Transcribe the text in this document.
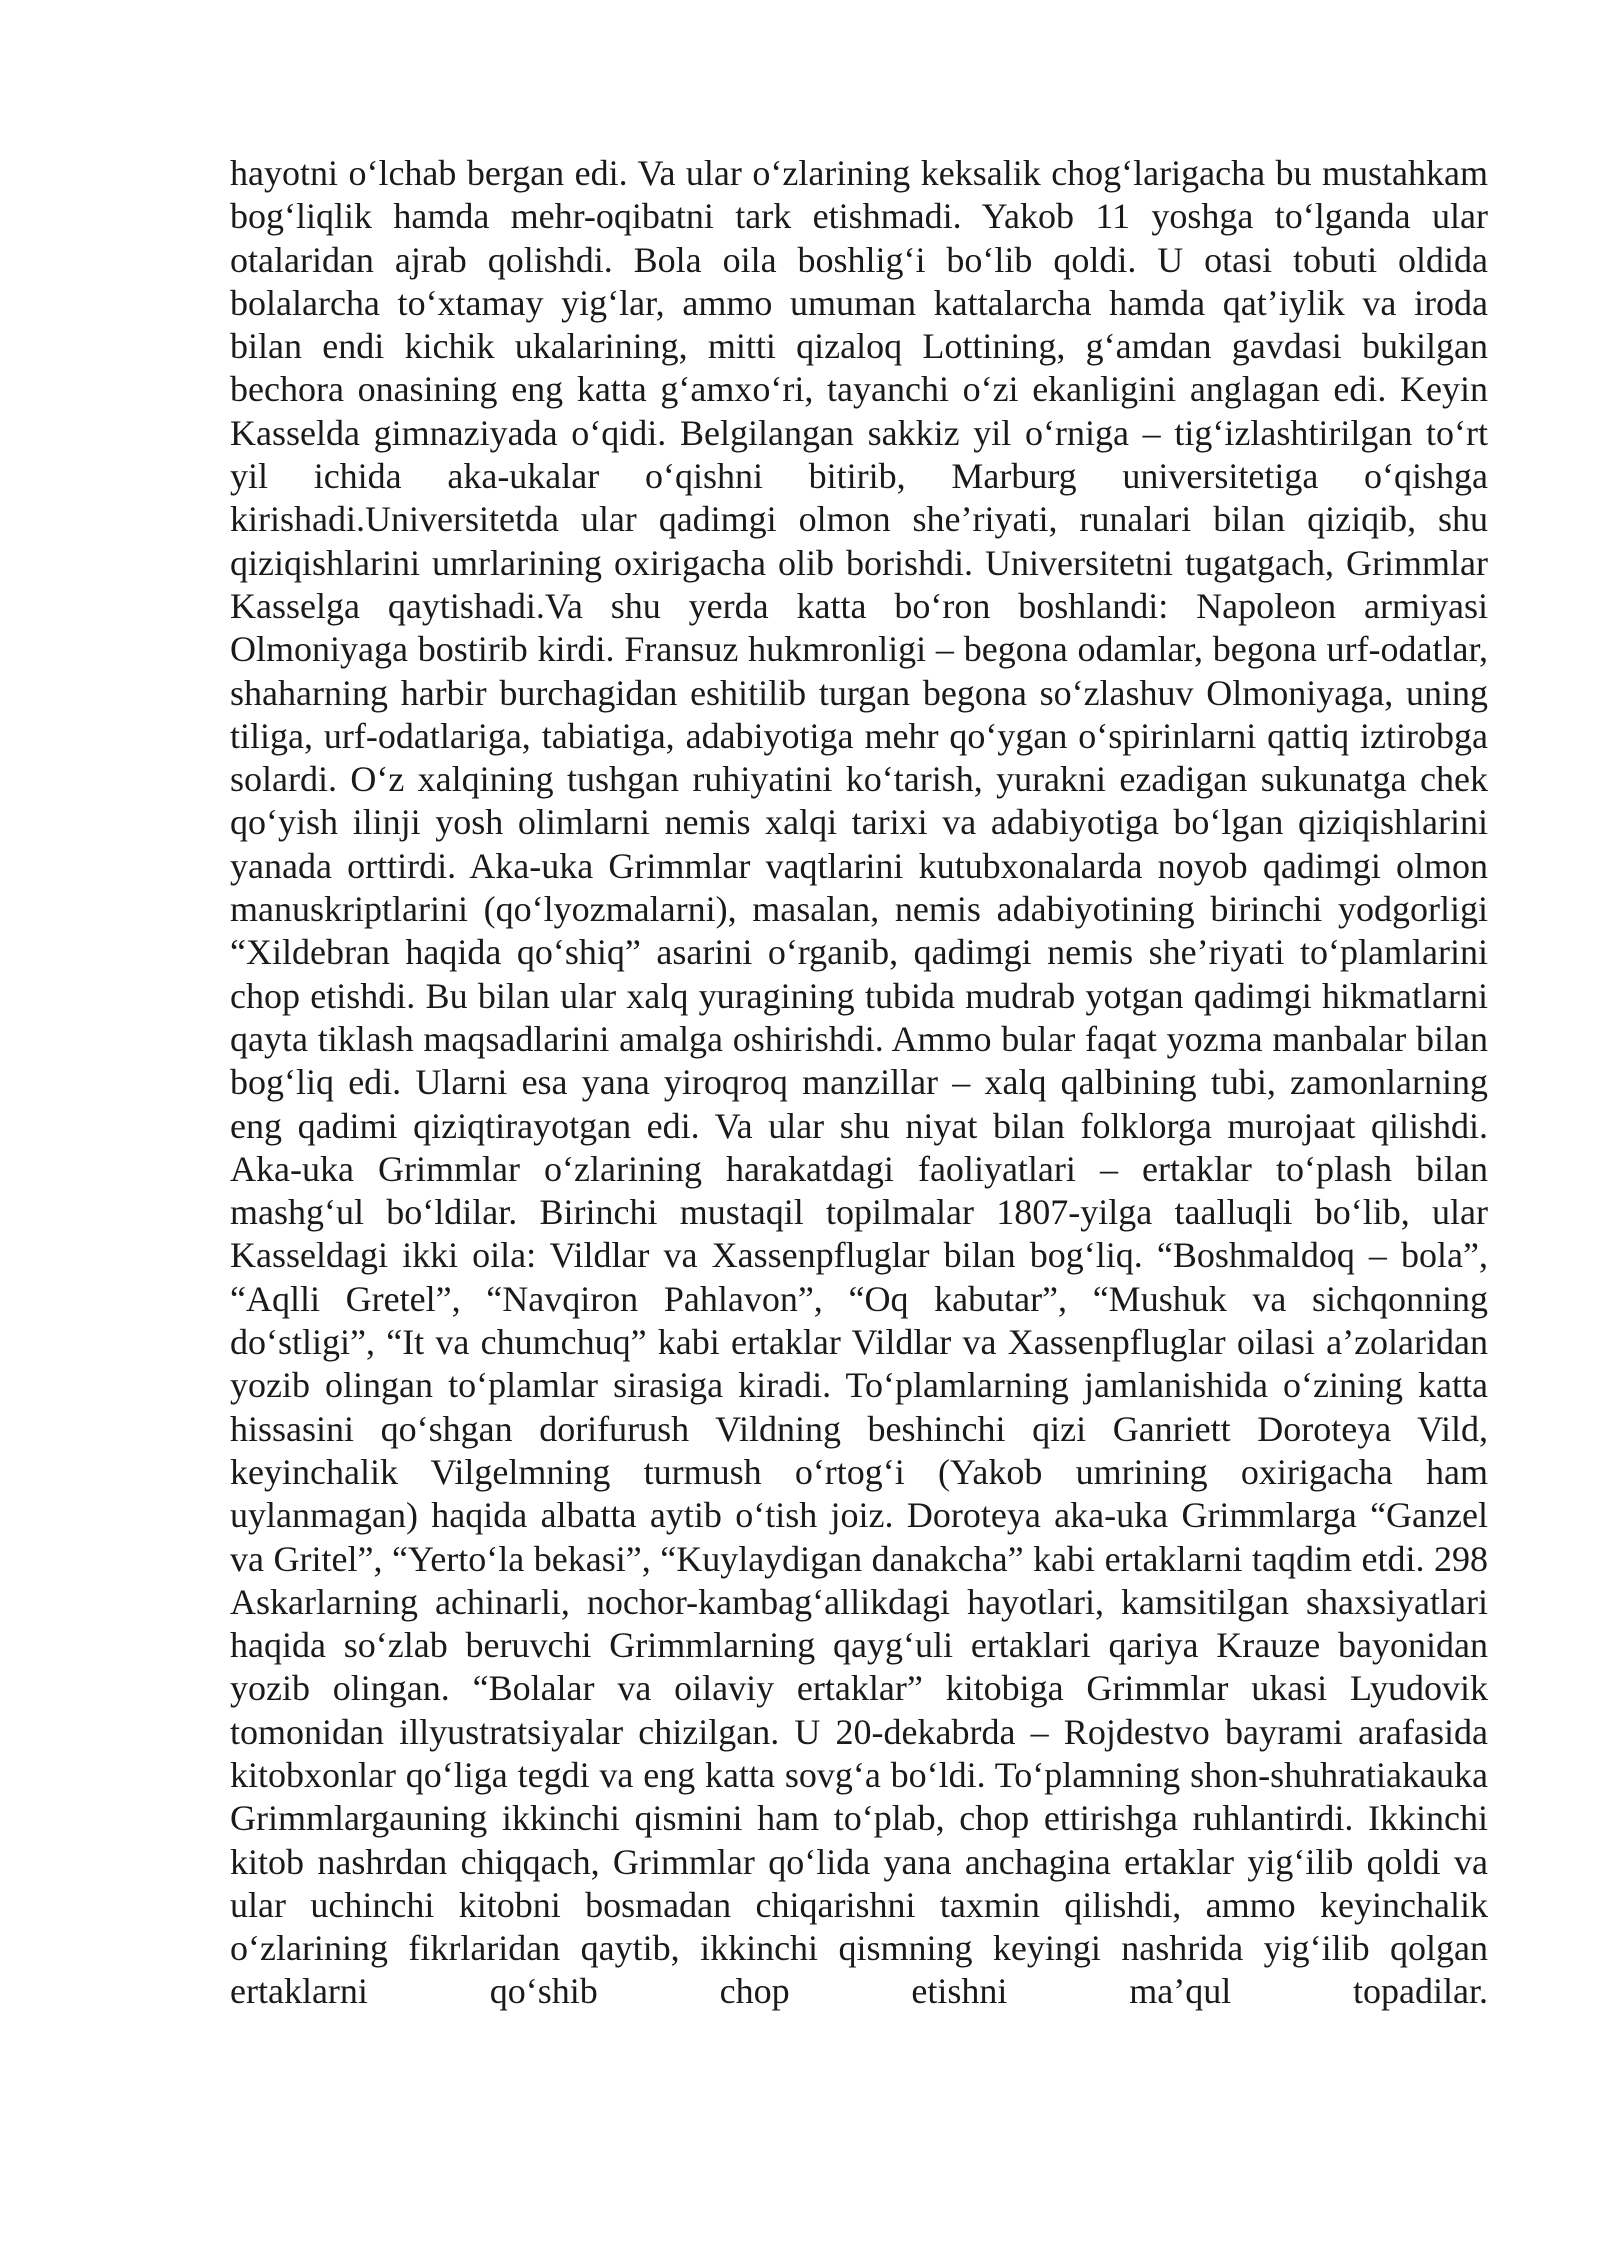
hayotni o‘lchab bergan edi. Va ular o‘zlarining keksalik chog‘larigacha bu mustahkam bog‘liqlik hamda mehr-oqibatni tark etishmadi. Yakob 11 yoshga to‘lganda ular otalaridan ajrab qolishdi. Bola oila boshlig‘i bo‘lib qoldi. U otasi tobuti oldida bolalarcha to‘xtamay yig‘lar, ammo umuman kattalarcha hamda qat’iylik va iroda bilan endi kichik ukalarining, mitti qizaloq Lottining, g‘amdan gavdasi bukilgan bechora onasining eng katta g‘amxo‘ri, tayanchi o‘zi ekanligini anglagan edi. Keyin Kasselda gimnaziyada o‘qidi. Belgilangan sakkiz yil o‘rniga – tig‘izlashtirilgan to‘rt yil ichida aka-ukalar o‘qishni bitirib, Marburg universitetiga o‘qishga kirishadi.Universitetda ular qadimgi olmon she’riyati, runalari bilan qiziqib, shu qiziqishlarini umrlarining oxirigacha olib borishdi. Universitetni tugatgach, Grimmlar Kasselga qaytishadi.Va shu yerda katta bo‘ron boshlandi: Napoleon armiyasi Olmoniyaga bostirib kirdi. Fransuz hukmronligi – begona odamlar, begona urf-odatlar, shaharning harbir burchagidan eshitilib turgan begona so‘zlashuv Olmoniyaga, uning tiliga, urf-odatlariga, tabiatiga, adabiyotiga mehr qo‘ygan o‘spirinlarni qattiq iztirobga solardi. O‘z xalqining tushgan ruhiyatini ko‘tarish, yurakni ezadigan sukunatga chek qo‘yish ilinji yosh olimlarni nemis xalqi tarixi va adabiyotiga bo‘lgan qiziqishlarini yanada orttirdi. Aka-uka Grimmlar vaqtlarini kutubxonalarda noyob qadimgi olmon manuskriptlarini (qo‘lyozmalarni), masalan, nemis adabiyotining birinchi yodgorligi “Xildebran haqida qo‘shiq” asarini o‘rganib, qadimgi nemis she’riyati to‘plamlarini chop etishdi. Bu bilan ular xalq yuragining tubida mudrab yotgan qadimgi hikmatlarni qayta tiklash maqsadlarini amalga oshirishdi. Ammo bular faqat yozma manbalar bilan bog‘liq edi. Ularni esa yana yiroqroq manzillar – xalq qalbining tubi, zamonlarning eng qadimi qiziqtirayotgan edi. Va ular shu niyat bilan folklorga murojaat qilishdi. Aka-uka Grimmlar o‘zlarining harakatdagi faoliyatlari – ertaklar to‘plash bilan mashg‘ul bo‘ldilar. Birinchi mustaqil topilmalar 1807-yilga taalluqli bo‘lib, ular Kasseldagi ikki oila: Vildlar va Xassenpfluglar bilan bog‘liq. “Boshmaldoq – bola”, “Aqlli Gretel”, “Navqiron Pahlavon”, “Oq kabutar”, “Mushuk va sichqonning do‘stligi”, “It va chumchuq” kabi ertaklar Vildlar va Xassenpfluglar oilasi a’zolaridan yozib olingan to‘plamlar sirasiga kiradi. To‘plamlarning jamlanishida o‘zining katta hissasini qo‘shgan dorifurush Vildning beshinchi qizi Ganriett Doroteya Vild, keyinchalik Vilgelmning turmush o‘rtog‘i (Yakob umrining oxirigacha ham uylanmagan) haqida albatta aytib o‘tish joiz. Doroteya aka-uka Grimmlarga “Ganzel va Gritel”, “Yerto‘la bekasi”, “Kuylaydigan danakcha” kabi ertaklarni taqdim etdi. 298 Askarlarning achinarli, nochor-kambag‘allikdagi hayotlari, kamsitilgan shaxsiyatlari haqida so‘zlab beruvchi Grimmlarning qayg‘uli ertaklari qariya Krauze bayonidan yozib olingan. “Bolalar va oilaviy ertaklar” kitobiga Grimmlar ukasi Lyudovik tomonidan illyustratsiyalar chizilgan. U 20-dekabrda – Rojdestvo bayrami arafasida kitobxonlar qo‘liga tegdi va eng katta sovg‘a bo‘ldi. To‘plamning shon-shuhratiakauka Grimmlargauning ikkinchi qismini ham to‘plab, chop ettirishga ruhlantirdi. Ikkinchi kitob nashrdan chiqqach, Grimmlar qo‘lida yana anchagina ertaklar yig‘ilib qoldi va ular uchinchi kitobni bosmadan chiqarishni taxmin qilishdi, ammo keyinchalik o‘zlarining fikrlaridan qaytib, ikkinchi qismning keyingi nashrida yig‘ilib qolgan ertaklarni qo‘shib chop etishni ma’qul topadilar.
